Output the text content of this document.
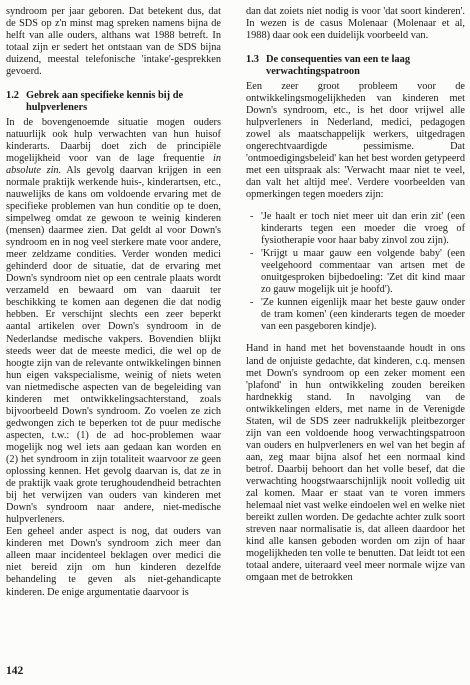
syndroom per jaar geboren. Dat betekent dus, dat de SDS op z'n minst mag spreken namens bijna de helft van alle ouders, althans wat 1988 betreft. In totaal zijn er sedert het ontstaan van de SDS bijna duizend, meestal telefonische 'intake'-gesprekken gevoerd.

1.2 Gebrek aan specifieke kennis bij de hulpverleners

In de bovengenoemde situatie mogen ouders natuurlijk ook hulp verwachten van hun huisof kinderarts. Daarbij doet zich de principiële mogelijkheid voor van de lage frequentie in absolute zin. Als gevolg daarvan krijgen in een normale praktijk werkende huis-, kinderartsen, etc., nauwelijks de kans om voldoende ervaring met de specifieke problemen van hun conditie op te doen, simpelweg omdat ze gewoon te weinig kinderen (mensen) daarmee zien. Dat geldt al voor Down's syndroom en in nog veel sterkere mate voor andere, meer zeldzame condities. Verder wonden medici gehinderd door de situatie, dat de ervaring met Down's syndroom niet op een centrale plaats wordt verzameld en bewaard om van daaruit ter beschikking te komen aan degenen die dat nodig hebben. Er verschijnt slechts een zeer beperkt aantal artikelen over Down's syndroom in de Nederlandse medische vakpers. Bovendien blijkt steeds weer dat de meeste medici, die wel op de hoogte zijn van de relevante ontwikkelingen binnen hun eigen vakspecialisme, weinig of niets weten van nietmedische aspecten van de begeleiding van kinderen met ontwikkelingsachterstand, zoals bijvoorbeeld Down's syndroom. Zo voelen ze zich gedwongen zich te beperken tot de puur medische aspecten, t.w.: (1) de ad hoc-problemen waar mogelijk nog wel iets aan gedaan kan worden en (2) het syndroom in zijn totaliteit waarvoor ze geen oplossing kennen. Het gevolg daarvan is, dat ze in de praktijk vaak grote terughoudendheid betrachten bij het verwijzen van ouders van kinderen met Down's syndroom naar andere, niet-medische hulpverleners.

Een geheel ander aspect is nog, dat ouders van kinderen met Down's syndroom zich meer dan alleen maar incidenteel beklagen over medici die niet bereid zijn om hun kinderen dezelfde behandeling te geven als niet-gehandicapte kinderen. De enige argumentatie daarvoor is

dan dat zoiets niet nodig is voor 'dat soort kinderen'. In wezen is de casus Molenaar (Molenaar et al, 1988) daar ook een duidelijk voorbeeld van.

1.3 De consequenties van een te laag verwachtingspatroon

Een zeer groot probleem voor de ontwikkelingsmogelijkheden van kinderen met Down's syndroom, etc., is het door vrijwel alle hulpverleners in Nederland, medici, pedagogen zowel als maatschappelijk werkers, uitgedragen ongerechtvaardigde pessimisme. Dat 'ontmoedigingsbeleid' kan het best worden getypeerd met een uitspraak als: 'Verwacht maar niet te veel, dan valt het altijd mee'. Verdere voorbeelden van opmerkingen tegen moeders zijn:

- 'Je haalt er toch niet meer uit dan erin zit' (een kinderarts tegen een moeder die vroeg of fysiotherapie voor haar baby zinvol zou zijn).
- 'Krijgt u maar gauw een volgende baby' (een veelgehoord commentaar van artsen met de onuitgesproken bijbedoeling: 'Zet dit kind maar zo gauw mogelijk uit je hoofd').
- 'Ze kunnen eigenlijk maar het beste gauw onder de tram komen' (een kinderarts tegen de moeder van een pasgeboren kindje).

Hand in hand met het bovenstaande houdt in ons land de onjuiste gedachte, dat kinderen, c.q. mensen met Down's syndroom op een zeker moment een 'plafond' in hun ontwikkeling zouden bereiken hardnekkig stand. In navolging van de ontwikkelingen elders, met name in de Verenigde Staten, wil de SDS zeer nadrukkelijk pleitbezorger zijn van een voldoende hoog verwachtingspatroon van ouders en hulpverleners en wel van het begin af aan, zeg maar bijna alsof het een normaal kind betrof. Daarbij behoort dan het volle besef, dat die verwachting hoogstwaarschijnlijk nooit volledig uit zal komen. Maar er staat van te voren immers helemaal niet vast welke eindoelen wel en welke niet bereikt zullen worden. De gedachte achter zulk soort streven naar normalisatie is, dat alleen daardoor het kind alle kansen geboden worden om zijn of haar mogelijkheden ten volle te benutten. Dat leidt tot een totaal andere, uiteraard veel meer normale wijze van omgaan met de betrokken

142
